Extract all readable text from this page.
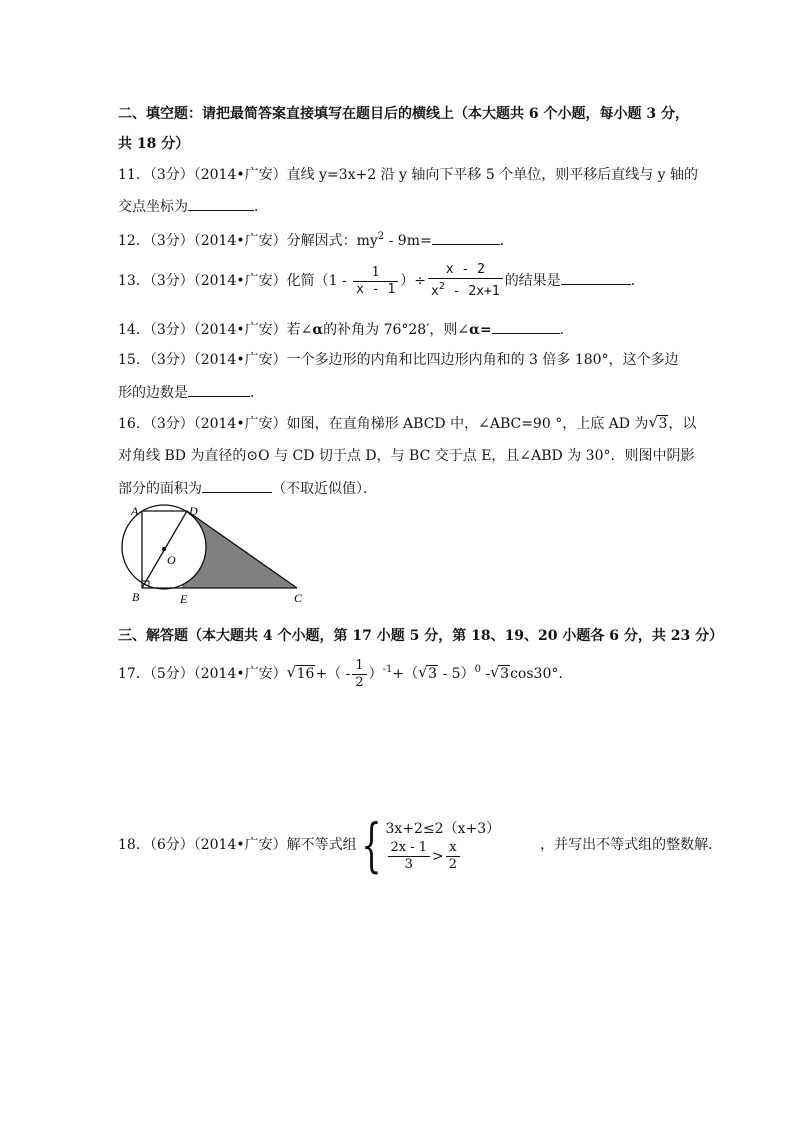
二、填空题：请把最简答案直接填写在题目后的横线上（本大题共 6 个小题，每小题 3 分，
共 18 分）
11．（3分）（2014•广安）直线 y=3x+2 沿 y 轴向下平移 5 个单位，则平移后直线与 y 轴的
交点坐标为	．
12．（3分）（2014•广安）分解因式：$my^2 - 9m=$	．
13．（3分）（2014•广安）化简（$1 - \frac{1}{x - 1}$ ）÷ $\frac{x - 2}{x^2 - 2x+1}$ 的结果是	．
14．（3分）（2014•广安）若∠α的补角为 76°28′，则∠α=	．
15．（3分）（2014•广安）一个多边形的内角和比四边形内角和的 3 倍多 180°，这个多边
形的边数是	．
16．（3分）（2014•广安）如图，在直角梯形 ABCD 中，∠ABC=90 °，上底 AD 为 √ 3，以
对角线 BD 为直径的⊙O 与 CD 切于点 D，与 BC 交于点 E，且∠ABD 为 30°．则图中阴影
部分的面积为	（不取近似值）．
A	D
O
B	E	C
三、解答题（本大题共 4 个小题，第 17 小题 5 分，第 18、19、20 小题各 6 分，共 23 分）
17．（5分）（2014•广安） √ $16+( - \frac{1}{2} )^{-1}+$（ √ 3 - 5）$^0$ - √ 3cos30°.
18．（6分）（2014•广安）解不等式组{ 3x+2≤2（x+3）
$\frac{2x - 1}{3} > \frac{x}{2}$	，并写出不等式组的整数解．
